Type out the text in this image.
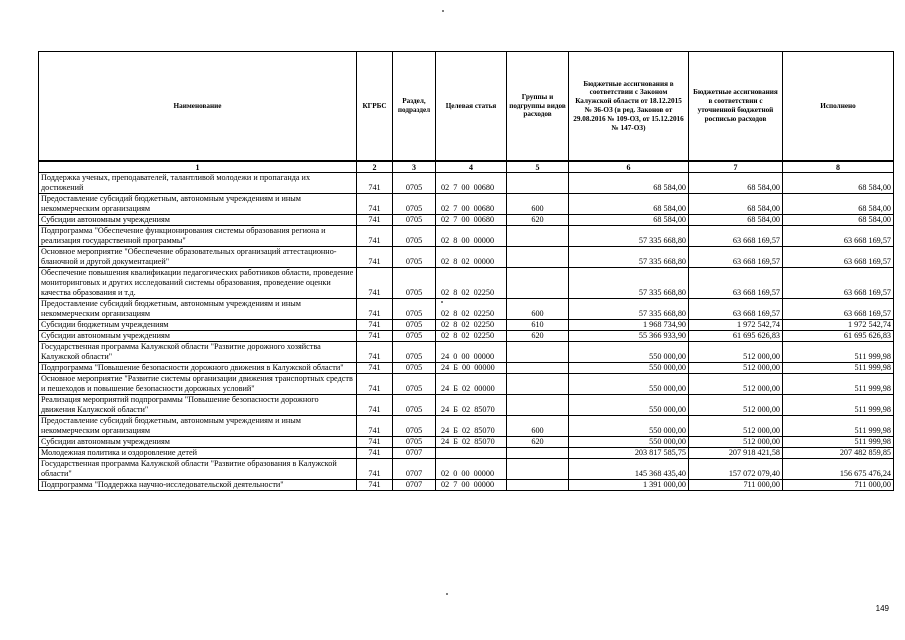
Наименование	КГРБС	Раздел, подраздел	Целевая статья	Группы и подгруппы видов расходов	Бюджетные ассигнования в соответствии с Законом Калужской области от 18.12.2015 № 36-ОЗ (в ред. Законов от 29.08.2016 № 109-ОЗ, от 15.12.2016 № 147-ОЗ)	Бюджетные ассигнования в соответствии с уточненной бюджетной росписью расходов	Исполнено
1	2	3	4	5	6	7	8
Поддержка ученых, преподавателей, талантливой молодежи и пропаганда их достижений	741	0705	02 7 00 00680		68 584,00	68 584,00	68 584,00
Предоставление субсидий бюджетным, автономным учреждениям и иным некоммерческим организациям	741	0705	02 7 00 00680	600	68 584,00	68 584,00	68 584,00
Субсидии автономным учреждениям	741	0705	02 7 00 00680	620	68 584,00	68 584,00	68 584,00
Подпрограмма "Обеспечение функционирования системы образования региона и реализация государственной программы"	741	0705	02 8 00 00000		57 335 668,80	63 668 169,57	63 668 169,57
Основное мероприятие "Обеспечение образовательных организаций аттестационно-бланочной и другой документацией"	741	0705	02 8 02 00000		57 335 668,80	63 668 169,57	63 668 169,57
Обеспечение повышения квалификации педагогических работников области, проведение мониторинговых и других исследований системы образования, проведение оценки качества образования и т.д.	741	0705	02 8 02 02250		57 335 668,80	63 668 169,57	63 668 169,57
Предоставление субсидий бюджетным, автономным учреждениям и иным некоммерческим организациям	741	0705	02 8 02 02250	600	57 335 668,80	63 668 169,57	63 668 169,57
Субсидии бюджетным учреждениям	741	0705	02 8 02 02250	610	1 968 734,90	1 972 542,74	1 972 542,74
Субсидии автономным учреждениям	741	0705	02 8 02 02250	620	55 366 933,90	61 695 626,83	61 695 626,83
Государственная программа Калужской области "Развитие дорожного хозяйства Калужской области"	741	0705	24 0 00 00000		550 000,00	512 000,00	511 999,98
Подпрограмма "Повышение безопасности дорожного движения в Калужской области"	741	0705	24 Б 00 00000		550 000,00	512 000,00	511 999,98
Основное мероприятие "Развитие системы организации движения транспортных средств и пешеходов и повышение безопасности дорожных условий"	741	0705	24 Б 02 00000		550 000,00	512 000,00	511 999,98
Реализация мероприятий подпрограммы "Повышение безопасности дорожного движения Калужской области"	741	0705	24 Б 02 85070		550 000,00	512 000,00	511 999,98
Предоставление субсидий бюджетным, автономным учреждениям и иным некоммерческим организациям	741	0705	24 Б 02 85070	600	550 000,00	512 000,00	511 999,98
Субсидии автономным учреждениям	741	0705	24 Б 02 85070	620	550 000,00	512 000,00	511 999,98
Молодежная политика и оздоровление детей	741	0707			203 817 585,75	207 918 421,58	207 482 859,85
Государственная программа Калужской области "Развитие образования в Калужской области"	741	0707	02 0 00 00000		145 368 435,40	157 072 079,40	156 675 476,24
Подпрограмма "Поддержка научно-исследовательской деятельности"	741	0707	02 7 00 00000		1 391 000,00	711 000,00	711 000,00
149
